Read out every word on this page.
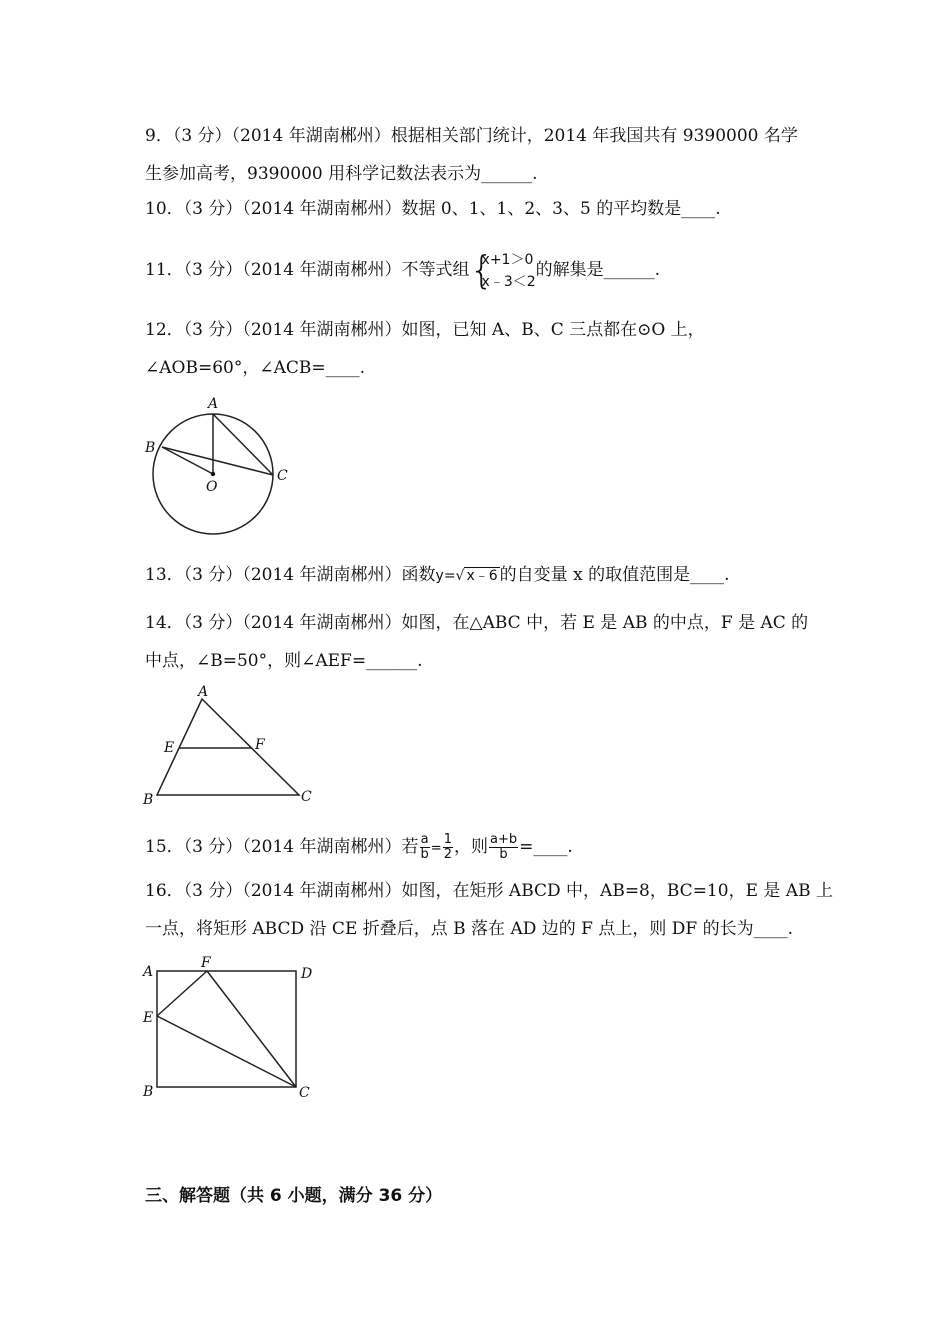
9．（3 分）（2014 年湖南郴州）根据相关部门统计，2014 年我国共有 9390000 名学
生参加高考，9390000 用科学记数法表示为______.
10．（3 分）（2014 年湖南郴州）数据 0、1、1、2、3、5 的平均数是____.
11．（3 分）（2014 年湖南郴州）不等式组 {
x+1＞0
x﹣3＜2
的解集是______.
12．（3 分）（2014 年湖南郴州）如图，已知 A、B、C 三点都在⊙O 上，
∠AOB=60°，∠ACB=____.
A
B
C
O
13．（3 分）（2014 年湖南郴州）函数y=√ x﹣6 的自变量 x 的取值范围是____.
14．（3 分）（2014 年湖南郴州）如图，在△ABC 中，若 E 是 AB 的中点，F 是 AC 的
中点，∠B=50°，则∠AEF=______.
A
B	C
E	F
15．（3 分）（2014 年湖南郴州）若 $\frac{a}{b} = \frac{1}{2}$ ，则 $\frac{a+b}{b}$ =____.
16．（3 分）（2014 年湖南郴州）如图，在矩形 ABCD 中，AB=8，BC=10，E 是 AB 上
一点，将矩形 ABCD 沿 CE 折叠后，点 B 落在 AD 边的 F 点上，则 DF 的长为____.
A
B	C
D
E
F
三、解答题（共 6 小题，满分 36 分）
